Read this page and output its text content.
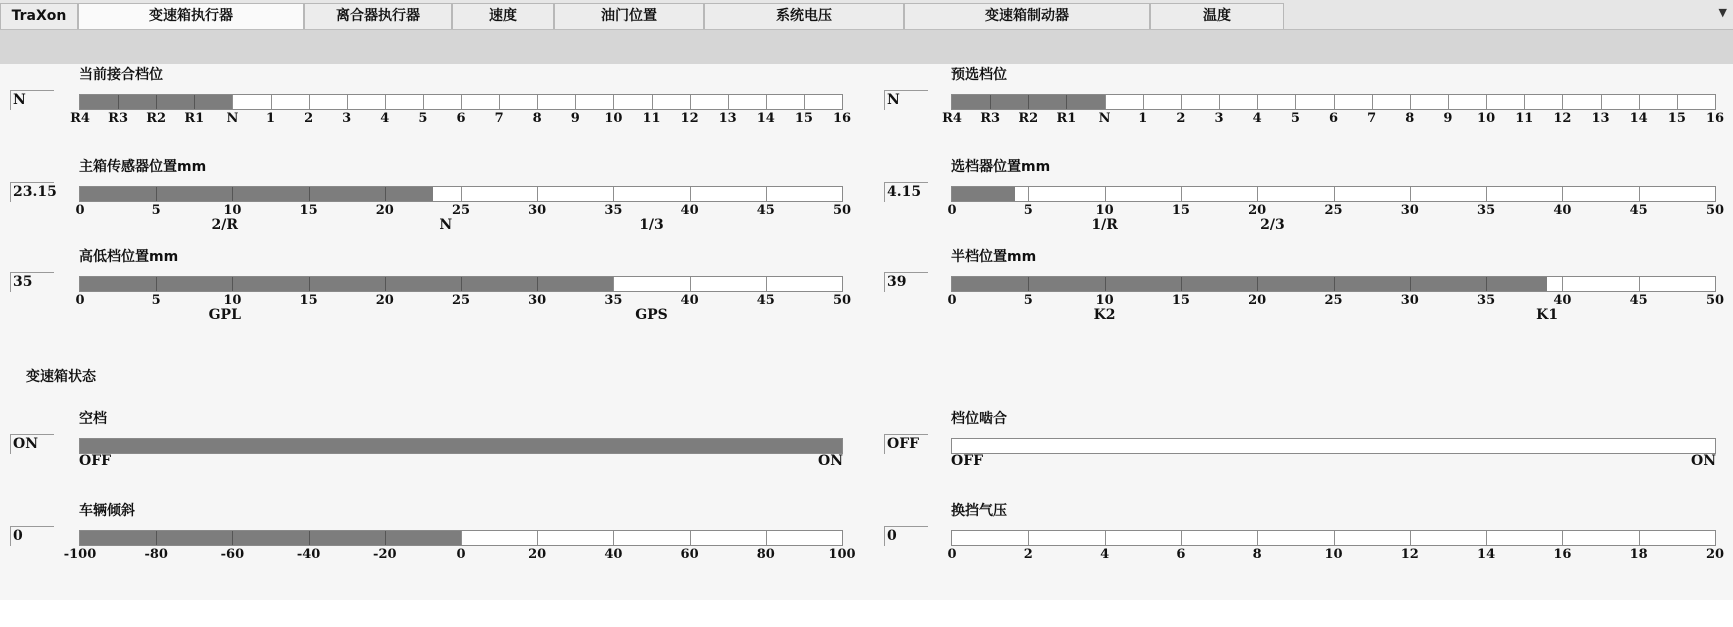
TraXon	变速箱执行器	离合器执行器	速度	油门位置	系统电压	变速箱制动器	温度	▼
变速箱状态
当前接合档位
N
R4 R3 R2 R1 N 1 2 3 4 5 6 7 8 9 10 11 12 13 14 15 16
预选档位
N
R4 R3 R2 R1 N 1 2 3 4 5 6 7 8 9 10 11 12 13 14 15 16
主箱传感器位置mm
23.15
0	5	10	15	20	25	30	35	40	45	50
2/R	N	1/3
选档器位置mm
4.15
0	5	10	15	20	25	30	35	40	45	50
1/R	2/3
高低档位置mm
35
0	5	10	15	20	25	30	35	40	45	50
GPL	GPS
半档位置mm
39
0	5	10	15	20	25	30	35	40	45	50
K2	K1
空档
ON
OFF	ON
档位啮合
OFF
OFF	ON
车辆倾斜
0
-100	-80	-60	-40	-20	0	20	40	60	80	100
换挡气压
0
0	2	4	6	8	10	12	14	16	18	20
